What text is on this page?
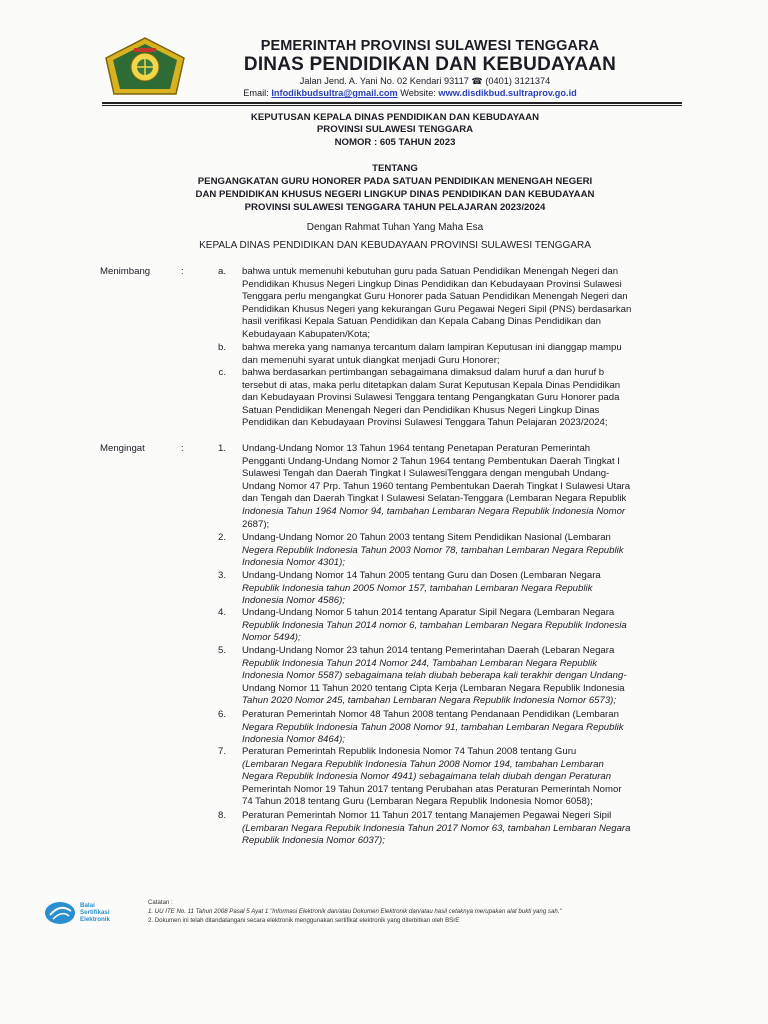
PEMERINTAH PROVINSI SULAWESI TENGGARA
DINAS PENDIDIKAN DAN KEBUDAYAAN
Jalan Jend. A. Yani No. 02 Kendari 93117 ☎ (0401) 3121374
Email: Infodikbudsultra@gmail.com Website: www.disdikbud.sultraprov.go.id
KEPUTUSAN KEPALA DINAS PENDIDIKAN DAN KEBUDAYAAN
PROVINSI SULAWESI TENGGARA
NOMOR : 605 TAHUN 2023
TENTANG
PENGANGKATAN GURU HONORER PADA SATUAN PENDIDIKAN MENENGAH NEGERI
DAN PENDIDIKAN KHUSUS NEGERI LINGKUP DINAS PENDIDIKAN DAN KEBUDAYAAN
PROVINSI SULAWESI TENGGARA TAHUN PELAJARAN 2023/2024
Dengan Rahmat Tuhan Yang Maha Esa
KEPALA DINAS PENDIDIKAN DAN KEBUDAYAAN PROVINSI SULAWESI TENGGARA
Menimbang	:	a. bahwa untuk memenuhi kebutuhan guru pada Satuan Pendidikan Menengah Negeri dan
Pendidikan Khusus Negeri Lingkup Dinas Pendidikan dan Kebudayaan Provinsi Sulawesi
Tenggara perlu mengangkat Guru Honorer pada Satuan Pendidikan Menengah Negeri dan
Pendidikan Khusus Negeri yang kekurangan Guru Pegawai Negeri Sipil (PNS) berdasarkan
hasil verifikasi Kepala Satuan Pendidikan dan Kepala Cabang Dinas Pendidikan dan
Kebudayaan Kabupaten/Kota;
b. bahwa mereka yang namanya tercantum dalam lampiran Keputusan ini dianggap mampu
dan memenuhi syarat untuk diangkat menjadi Guru Honorer;
c. bahwa berdasarkan pertimbangan sebagaimana dimaksud dalam huruf a dan huruf b
tersebut di atas, maka perlu ditetapkan dalam Surat Keputusan Kepala Dinas Pendidikan
dan Kebudayaan Provinsi Sulawesi Tenggara tentang Pengangkatan Guru Honorer pada
Satuan Pendidikan Menengah Negeri dan Pendidikan Khusus Negeri Lingkup Dinas
Pendidikan dan Kebudayaan Provinsi Sulawesi Tenggara Tahun Pelajaran 2023/2024;
Mengingat	:	1. Undang-Undang Nomor 13 Tahun 1964 tentang Penetapan Peraturan Pemerintah
Pengganti Undang-Undang Nomor 2 Tahun 1964 tentang Pembentukan Daerah Tingkat I
Sulawesi Tengah dan Daerah Tingkat I SulawesiTenggara dengan mengubah Undang-
Undang Nomor 47 Prp. Tahun 1960 tentang Pembentukan Daerah Tingkat I Sulawesi Utara
dan Tengah dan Daerah Tingkat I Sulawesi Selatan-Tenggara (Lembaran Negara Republik
Indonesia Tahun 1964 Nomor 94, tambahan Lembaran Negara Republik Indonesia Nomor
2687);
2. Undang-Undang Nomor 20 Tahun 2003 tentang Sitem Pendidikan Nasional (Lembaran
Negera Republik Indonesia Tahun 2003 Nomor 78, tambahan Lembaran Negara Republik
Indonesia Nomor 4301);
3. Undang-Undang Nomor 14 Tahun 2005 tentang Guru dan Dosen (Lembaran Negara
Republik Indonesia tahun 2005 Nomor 157, tambahan Lembaran Negara Republik
Indonesia Nomor 4586);
4. Undang-Undang Nomor 5 tahun 2014 tentang Aparatur Sipil Negara (Lembaran Negara
Republik Indonesia Tahun 2014 nomor 6, tambahan Lembaran Negara Republik Indonesia
Nomor 5494);
5. Undang-Undang Nomor 23 tahun 2014 tentang Pemerintahan Daerah (Lebaran Negara
Republik Indonesia Tahun 2014 Nomor 244, Tambahan Lembaran Negara Republik
Indonesia Nomor 5587) sebagaimana telah diubah beberapa kali terakhir dengan Undang-
Undang Nomor 11 Tahun 2020 tentang Cipta Kerja (Lembaran Negara Republik Indonesia
Tahun 2020 Nomor 245, tambahan Lembaran Negara Republik Indonesia Nomor 6573);
6. Peraturan Pemerintah Nomor 48 Tahun 2008 tentang Pendanaan Pendidikan (Lembaran
Negara Republik Indonesia Tahun 2008 Nomor 91, tambahan Lembaran Negara Republik
Indonesia Nomor 8464);
7. Peraturan Pemerintah Republik Indonesia Nomor 74 Tahun 2008 tentang Guru
(Lembaran Negara Republik Indonesia Tahun 2008 Nomor 194, tambahan Lembaran
Negara Republik Indonesia Nomor 4941) sebagaimana telah diubah dengan Peraturan
Pemerintah Nomor 19 Tahun 2017 tentang Perubahan atas Peraturan Pemerintah Nomor
74 Tahun 2018 tentang Guru (Lembaran Negara Republik Indonesia Nomor 6058);
8. Peraturan Pemerintah Nomor 11 Tahun 2017 tentang Manajemen Pegawai Negeri Sipil
(Lembaran Negara Repubik Indonesia Tahun 2017 Nomor 63, tambahan Lembaran Negara
Republik Indonesia Nomor 6037);
Balai
Sertifikasi
Elektronik
Catatan :
1. UU ITE No. 11 Tahun 2008 Pasal 5 Ayat 1 "Informasi Elektronik dan/atau Dokumen Elektronik dan/atau hasil cetaknya merupakan alat bukti yang sah."
2. Dokumen ini telah ditandatangani secara elektronik menggunakan sertifikat elektronik yang diterbitkan oleh BSrE
